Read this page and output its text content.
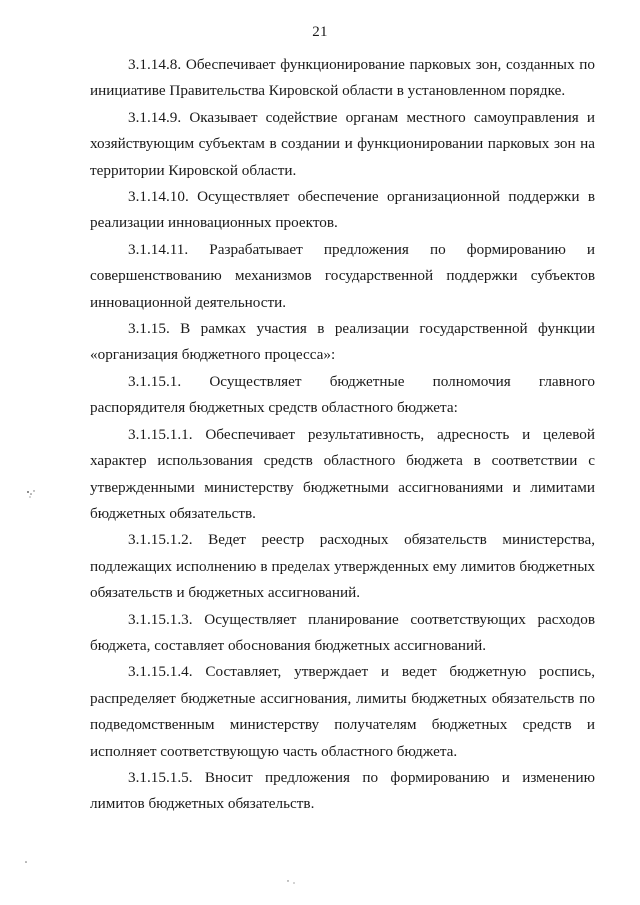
21

3.1.14.8. Обеспечивает функционирование парковых зон, созданных по инициативе Правительства Кировской области в установленном порядке.

3.1.14.9. Оказывает содействие органам местного самоуправления и хозяйствующим субъектам в создании и функционировании парковых зон на территории Кировской области.

3.1.14.10. Осуществляет обеспечение организационной поддержки в реализации инновационных проектов.

3.1.14.11. Разрабатывает предложения по формированию и совершенствованию механизмов государственной поддержки субъектов инновационной деятельности.

3.1.15. В рамках участия в реализации государственной функции «организация бюджетного процесса»:

3.1.15.1. Осуществляет бюджетные полномочия главного распорядителя бюджетных средств областного бюджета:

3.1.15.1.1. Обеспечивает результативность, адресность и целевой характер использования средств областного бюджета в соответствии с утвержденными министерству бюджетными ассигнованиями и лимитами бюджетных обязательств.

3.1.15.1.2. Ведет реестр расходных обязательств министерства, подлежащих исполнению в пределах утвержденных ему лимитов бюджетных обязательств и бюджетных ассигнований.

3.1.15.1.3. Осуществляет планирование соответствующих расходов бюджета, составляет обоснования бюджетных ассигнований.

3.1.15.1.4. Составляет, утверждает и ведет бюджетную роспись, распределяет бюджетные ассигнования, лимиты бюджетных обязательств по подведомственным министерству получателям бюджетных средств и исполняет соответствующую часть областного бюджета.

3.1.15.1.5. Вносит предложения по формированию и изменению лимитов бюджетных обязательств.
